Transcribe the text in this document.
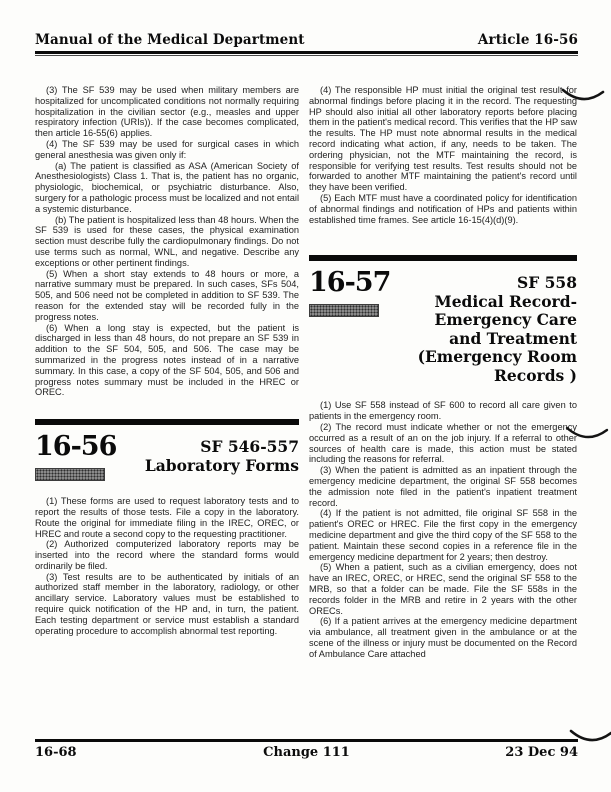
Manual of the Medical Department	Article 16-56

(3) The SF 539 may be used when military members are hospitalized for uncomplicated conditions not normally requiring hospitalization in the civilian sector (e.g., measles and upper respiratory infection (URIs)). If the case becomes complicated, then article 16-55(6) applies.

(4) The SF 539 may be used for surgical cases in which general anesthesia was given only if:

(a) The patient is classified as ASA (American Society of Anesthesiologists) Class 1. That is, the patient has no organic, physiologic, biochemical, or psychiatric disturbance. Also, surgery for a pathologic process must be localized and not entail a systemic disturbance.

(b) The patient is hospitalized less than 48 hours. When the SF 539 is used for these cases, the physical examination section must describe fully the cardiopulmonary findings. Do not use terms such as normal, WNL, and negative. Describe any exceptions or other pertinent findings.

(5) When a short stay extends to 48 hours or more, a narrative summary must be prepared. In such cases, SFs 504, 505, and 506 need not be completed in addition to SF 539. The reason for the extended stay will be recorded fully in the progress notes.

(6) When a long stay is expected, but the patient is discharged in less than 48 hours, do not prepare an SF 539 in addition to the SF 504, 505, and 506. The case may be summarized in the progress notes instead of in a narrative summary. In this case, a copy of the SF 504, 505, and 506 and progress notes summary must be included in the HREC or OREC.

16-56	SF 546-557
Laboratory Forms

(1) These forms are used to request laboratory tests and to report the results of those tests. File a copy in the laboratory. Route the original for immediate filing in the IREC, OREC, or HREC and route a second copy to the requesting practitioner.

(2) Authorized computerized laboratory reports may be inserted into the record where the standard forms would ordinarily be filed.

(3) Test results are to be authenticated by initials of an authorized staff member in the laboratory, radiology, or other ancillary service. Laboratory values must be established to require quick notification of the HP and, in turn, the patient. Each testing department or service must establish a standard operating procedure to accomplish abnormal test reporting.

(4) The responsible HP must initial the original test result for abnormal findings before placing it in the record. The requesting HP should also initial all other laboratory reports before placing them in the patient's medical record. This verifies that the HP saw the results. The HP must note abnormal results in the medical record indicating what action, if any, needs to be taken. The ordering physician, not the MTF maintaining the record, is responsible for verifying test results. Test results should not be forwarded to another MTF maintaining the patient's record until they have been verified.

(5) Each MTF must have a coordinated policy for identification of abnormal findings and notification of HPs and patients within established time frames. See article 16-15(4)(d)(9).

16-57	SF 558
Medical Record-
Emergency Care
and Treatment
(Emergency Room
Records )

(1) Use SF 558 instead of SF 600 to record all care given to patients in the emergency room.

(2) The record must indicate whether or not the emergency occurred as a result of an on the job injury. If a referral to other sources of health care is made, this action must be stated including the reasons for referral.

(3) When the patient is admitted as an inpatient through the emergency medicine department, the original SF 558 becomes the admission note filed in the patient's inpatient treatment record.

(4) If the patient is not admitted, file original SF 558 in the patient's OREC or HREC. File the first copy in the emergency medicine department and give the third copy of the SF 558 to the patient. Maintain these second copies in a reference file in the emergency medicine department for 2 years; then destroy.

(5) When a patient, such as a civilian emergency, does not have an IREC, OREC, or HREC, send the original SF 558 to the MRB, so that a folder can be made. File the SF 558s in the records folder in the MRB and retire in 2 years with the other ORECs.

(6) If a patient arrives at the emergency medicine department via ambulance, all treatment given in the ambulance or at the scene of the illness or injury must be documented on the Record of Ambulance Care attached

16-68	Change 111	23 Dec 94
